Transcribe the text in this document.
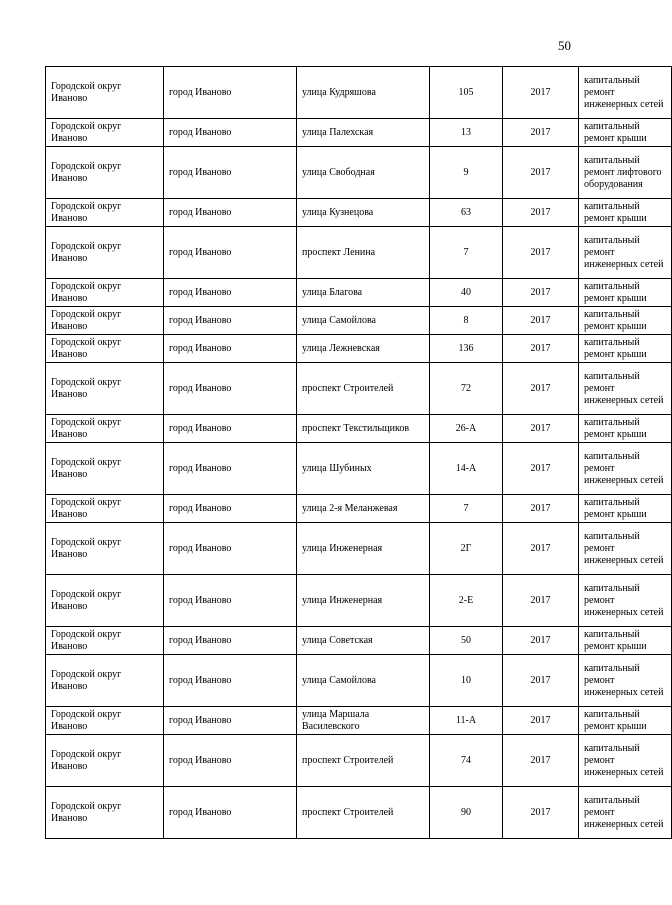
50
Городской округ Иваново	город Иваново	улица Кудряшова	105	2017	капитальный ремонт инженерных сетей
Городской округ Иваново	город Иваново	улица Палехская	13	2017	капитальный ремонт крыши
Городской округ Иваново	город Иваново	улица Свободная	9	2017	капитальный ремонт лифтового оборудования
Городской округ Иваново	город Иваново	улица Кузнецова	63	2017	капитальный ремонт крыши
Городской округ Иваново	город Иваново	проспект Ленина	7	2017	капитальный ремонт инженерных сетей
Городской округ Иваново	город Иваново	улица Благова	40	2017	капитальный ремонт крыши
Городской округ Иваново	город Иваново	улица Самойлова	8	2017	капитальный ремонт крыши
Городской округ Иваново	город Иваново	улица Лежневская	136	2017	капитальный ремонт крыши
Городской округ Иваново	город Иваново	проспект Строителей	72	2017	капитальный ремонт инженерных сетей
Городской округ Иваново	город Иваново	проспект Текстильщиков	26-А	2017	капитальный ремонт крыши
Городской округ Иваново	город Иваново	улица Шубиных	14-А	2017	капитальный ремонт инженерных сетей
Городской округ Иваново	город Иваново	улица 2-я Меланжевая	7	2017	капитальный ремонт крыши
Городской округ Иваново	город Иваново	улица Инженерная	2Г	2017	капитальный ремонт инженерных сетей
Городской округ Иваново	город Иваново	улица Инженерная	2-Е	2017	капитальный ремонт инженерных сетей
Городской округ Иваново	город Иваново	улица Советская	50	2017	капитальный ремонт крыши
Городской округ Иваново	город Иваново	улица Самойлова	10	2017	капитальный ремонт инженерных сетей
Городской округ Иваново	город Иваново	улица Маршала Василевского	11-А	2017	капитальный ремонт крыши
Городской округ Иваново	город Иваново	проспект Строителей	74	2017	капитальный ремонт инженерных сетей
Городской округ Иваново	город Иваново	проспект Строителей	90	2017	капитальный ремонт инженерных сетей
